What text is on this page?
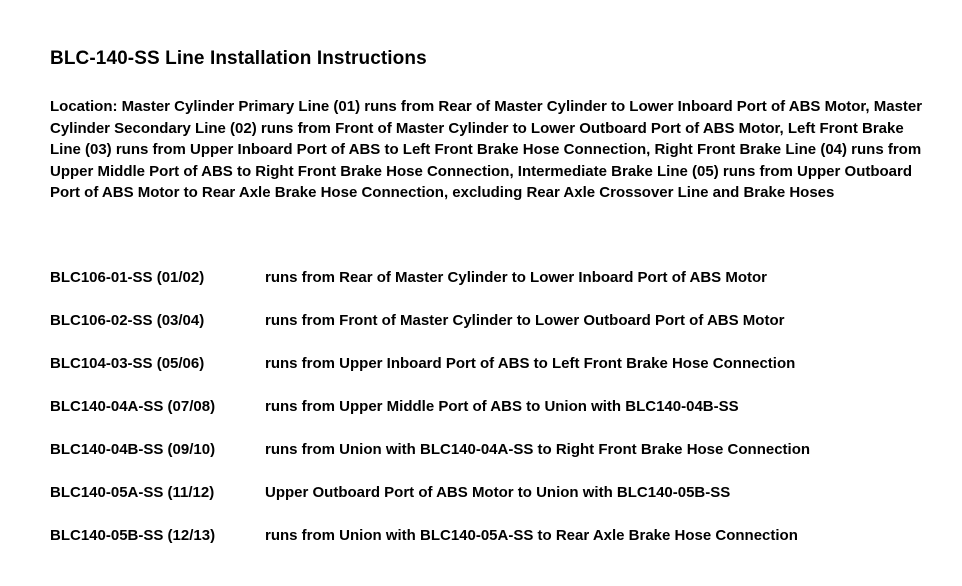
BLC-140-SS Line Installation Instructions
Location: Master Cylinder Primary Line (01) runs from Rear of Master Cylinder to Lower Inboard Port of ABS Motor, Master Cylinder Secondary Line (02) runs from Front of Master Cylinder to Lower Outboard Port of ABS Motor, Left Front Brake Line (03) runs from Upper Inboard Port of ABS to Left Front Brake Hose Connection, Right Front Brake Line (04) runs from Upper Middle Port of ABS to Right Front Brake Hose Connection, Intermediate Brake Line (05) runs from Upper Outboard Port of ABS Motor to Rear Axle Brake Hose Connection, excluding Rear Axle Crossover Line and Brake Hoses
BLC106-01-SS (01/02)	runs from Rear of Master Cylinder to Lower Inboard Port of ABS Motor
BLC106-02-SS (03/04)	runs from Front of Master Cylinder to Lower Outboard Port of ABS Motor
BLC104-03-SS (05/06)	runs from Upper Inboard Port of ABS to Left Front Brake Hose Connection
BLC140-04A-SS (07/08)	runs from Upper Middle Port of ABS to Union with BLC140-04B-SS
BLC140-04B-SS (09/10)	runs from Union with BLC140-04A-SS to Right Front Brake Hose Connection
BLC140-05A-SS (11/12)	Upper Outboard Port of ABS Motor to Union with BLC140-05B-SS
BLC140-05B-SS (12/13)	runs from Union with BLC140-05A-SS to Rear Axle Brake Hose Connection
